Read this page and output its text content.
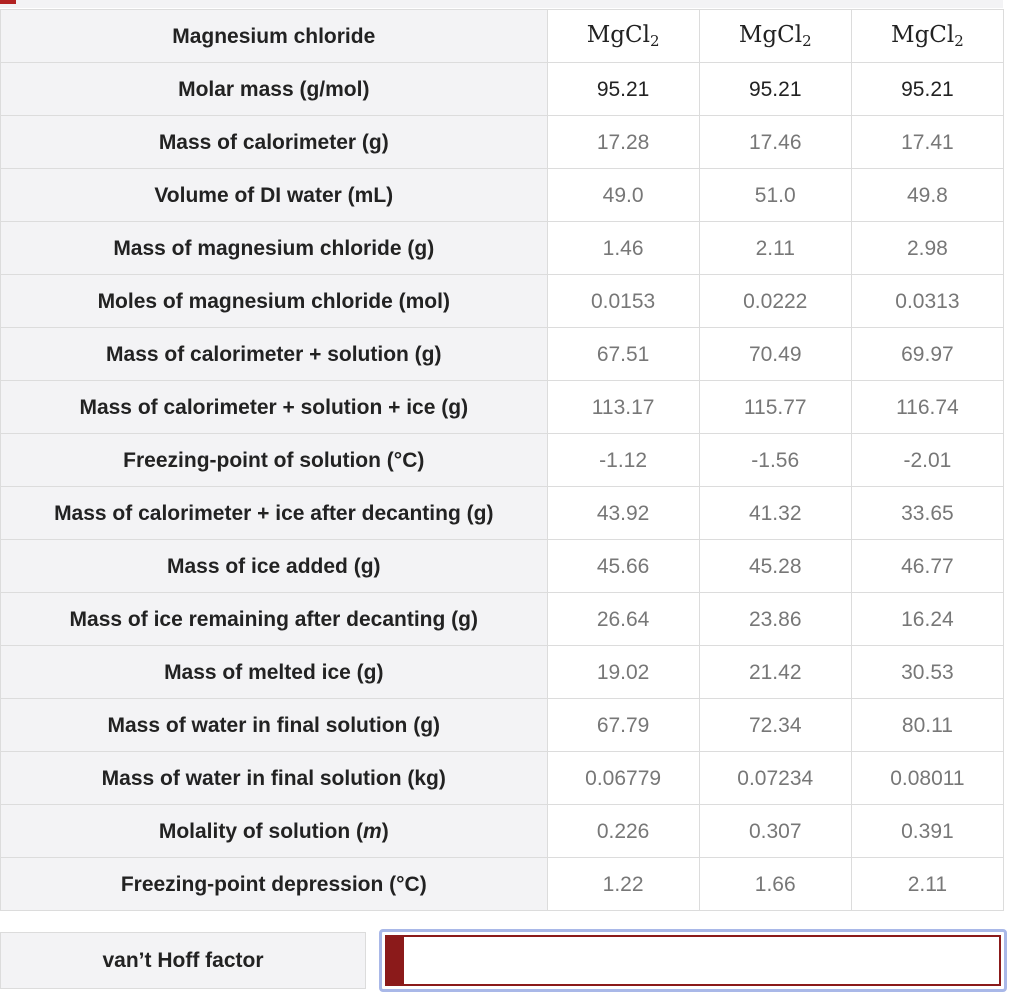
Magnesium chloride	MgCl$_2$	MgCl$_2$	MgCl$_2$
Molar mass (g/mol)	95.21	95.21	95.21
Mass of calorimeter (g)	17.28	17.46	17.41
Volume of DI water (mL)	49.0	51.0	49.8
Mass of magnesium chloride (g)	1.46	2.11	2.98
Moles of magnesium chloride (mol)	0.0153	0.0222	0.0313
Mass of calorimeter + solution (g)	67.51	70.49	69.97
Mass of calorimeter + solution + ice (g)	113.17	115.77	116.74
Freezing-point of solution (°C)	-1.12	-1.56	-2.01
Mass of calorimeter + ice after decanting (g)	43.92	41.32	33.65
Mass of ice added (g)	45.66	45.28	46.77
Mass of ice remaining after decanting (g)	26.64	23.86	16.24
Mass of melted ice (g)	19.02	21.42	30.53
Mass of water in final solution (g)	67.79	72.34	80.11
Mass of water in final solution (kg)	0.06779	0.07234	0.08011
Molality of solution (m)	0.226	0.307	0.391
Freezing-point depression (°C)	1.22	1.66	2.11
van’t Hoff factor
